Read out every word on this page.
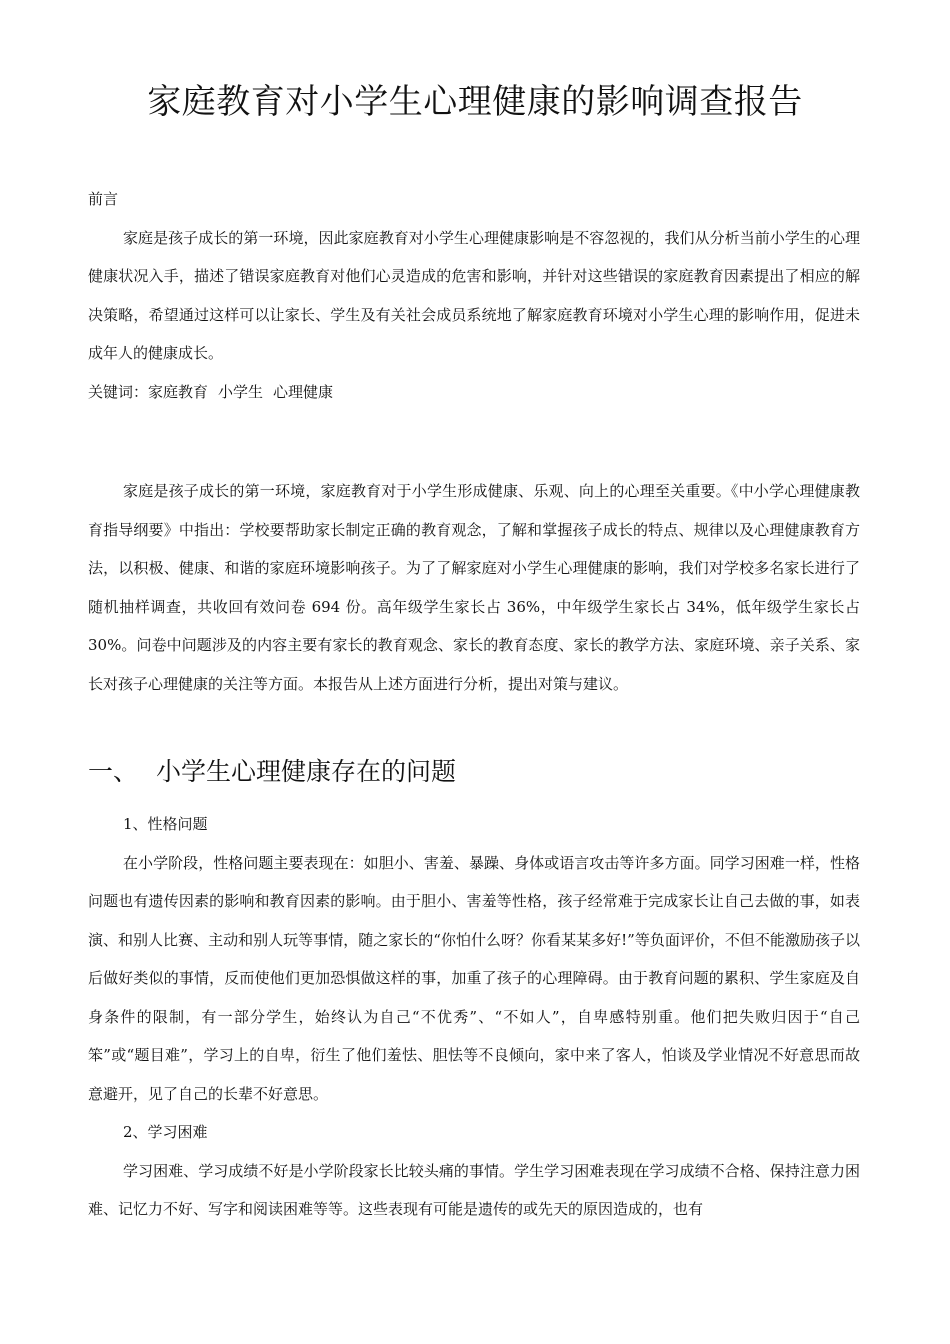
家庭教育对小学生心理健康的影响调查报告

前言

家庭是孩子成长的第一环境，因此家庭教育对小学生心理健康影响是不容忽视的，我们从分析当前小学生的心理健康状况入手，描述了错误家庭教育对他们心灵造成的危害和影响，并针对这些错误的家庭教育因素提出了相应的解决策略，希望通过这样可以让家长、学生及有关社会成员系统地了解家庭教育环境对小学生心理的影响作用，促进未成年人的健康成长。

关键词：家庭教育 小学生 心理健康

家庭是孩子成长的第一环境，家庭教育对于小学生形成健康、乐观、向上的心理至关重要。《中小学心理健康教育指导纲要》中指出：学校要帮助家长制定正确的教育观念，了解和掌握孩子成长的特点、规律以及心理健康教育方法，以积极、健康、和谐的家庭环境影响孩子。为了了解家庭对小学生心理健康的影响，我们对学校多名家长进行了随机抽样调查，共收回有效问卷 694 份。高年级学生家长占 36%，中年级学生家长占 34%，低年级学生家长占 30%。问卷中问题涉及的内容主要有家长的教育观念、家长的教育态度、家长的教学方法、家庭环境、亲子关系、家长对孩子心理健康的关注等方面。本报告从上述方面进行分析，提出对策与建议。

一、 小学生心理健康存在的问题

1、性格问题

在小学阶段，性格问题主要表现在：如胆小、害羞、暴躁、身体或语言攻击等许多方面。同学习困难一样，性格问题也有遗传因素的影响和教育因素的影响。由于胆小、害羞等性格，孩子经常难于完成家长让自己去做的事，如表演、和别人比赛、主动和别人玩等事情，随之家长的“你怕什么呀？你看某某多好!”等负面评价，不但不能激励孩子以后做好类似的事情，反而使他们更加恐惧做这样的事，加重了孩子的心理障碍。由于教育问题的累积、学生家庭及自身条件的限制，有一部分学生，始终认为自己“不优秀”、“不如人”，自卑感特别重。他们把失败归因于“自己笨”或“题目难”，学习上的自卑，衍生了他们羞怯、胆怯等不良倾向，家中来了客人，怕谈及学业情况不好意思而故意避开，见了自己的长辈不好意思。

2、学习困难

学习困难、学习成绩不好是小学阶段家长比较头痛的事情。学生学习困难表现在学习成绩不合格、保持注意力困难、记忆力不好、写字和阅读困难等等。这些表现有可能是遗传的或先天的原因造成的，也有
